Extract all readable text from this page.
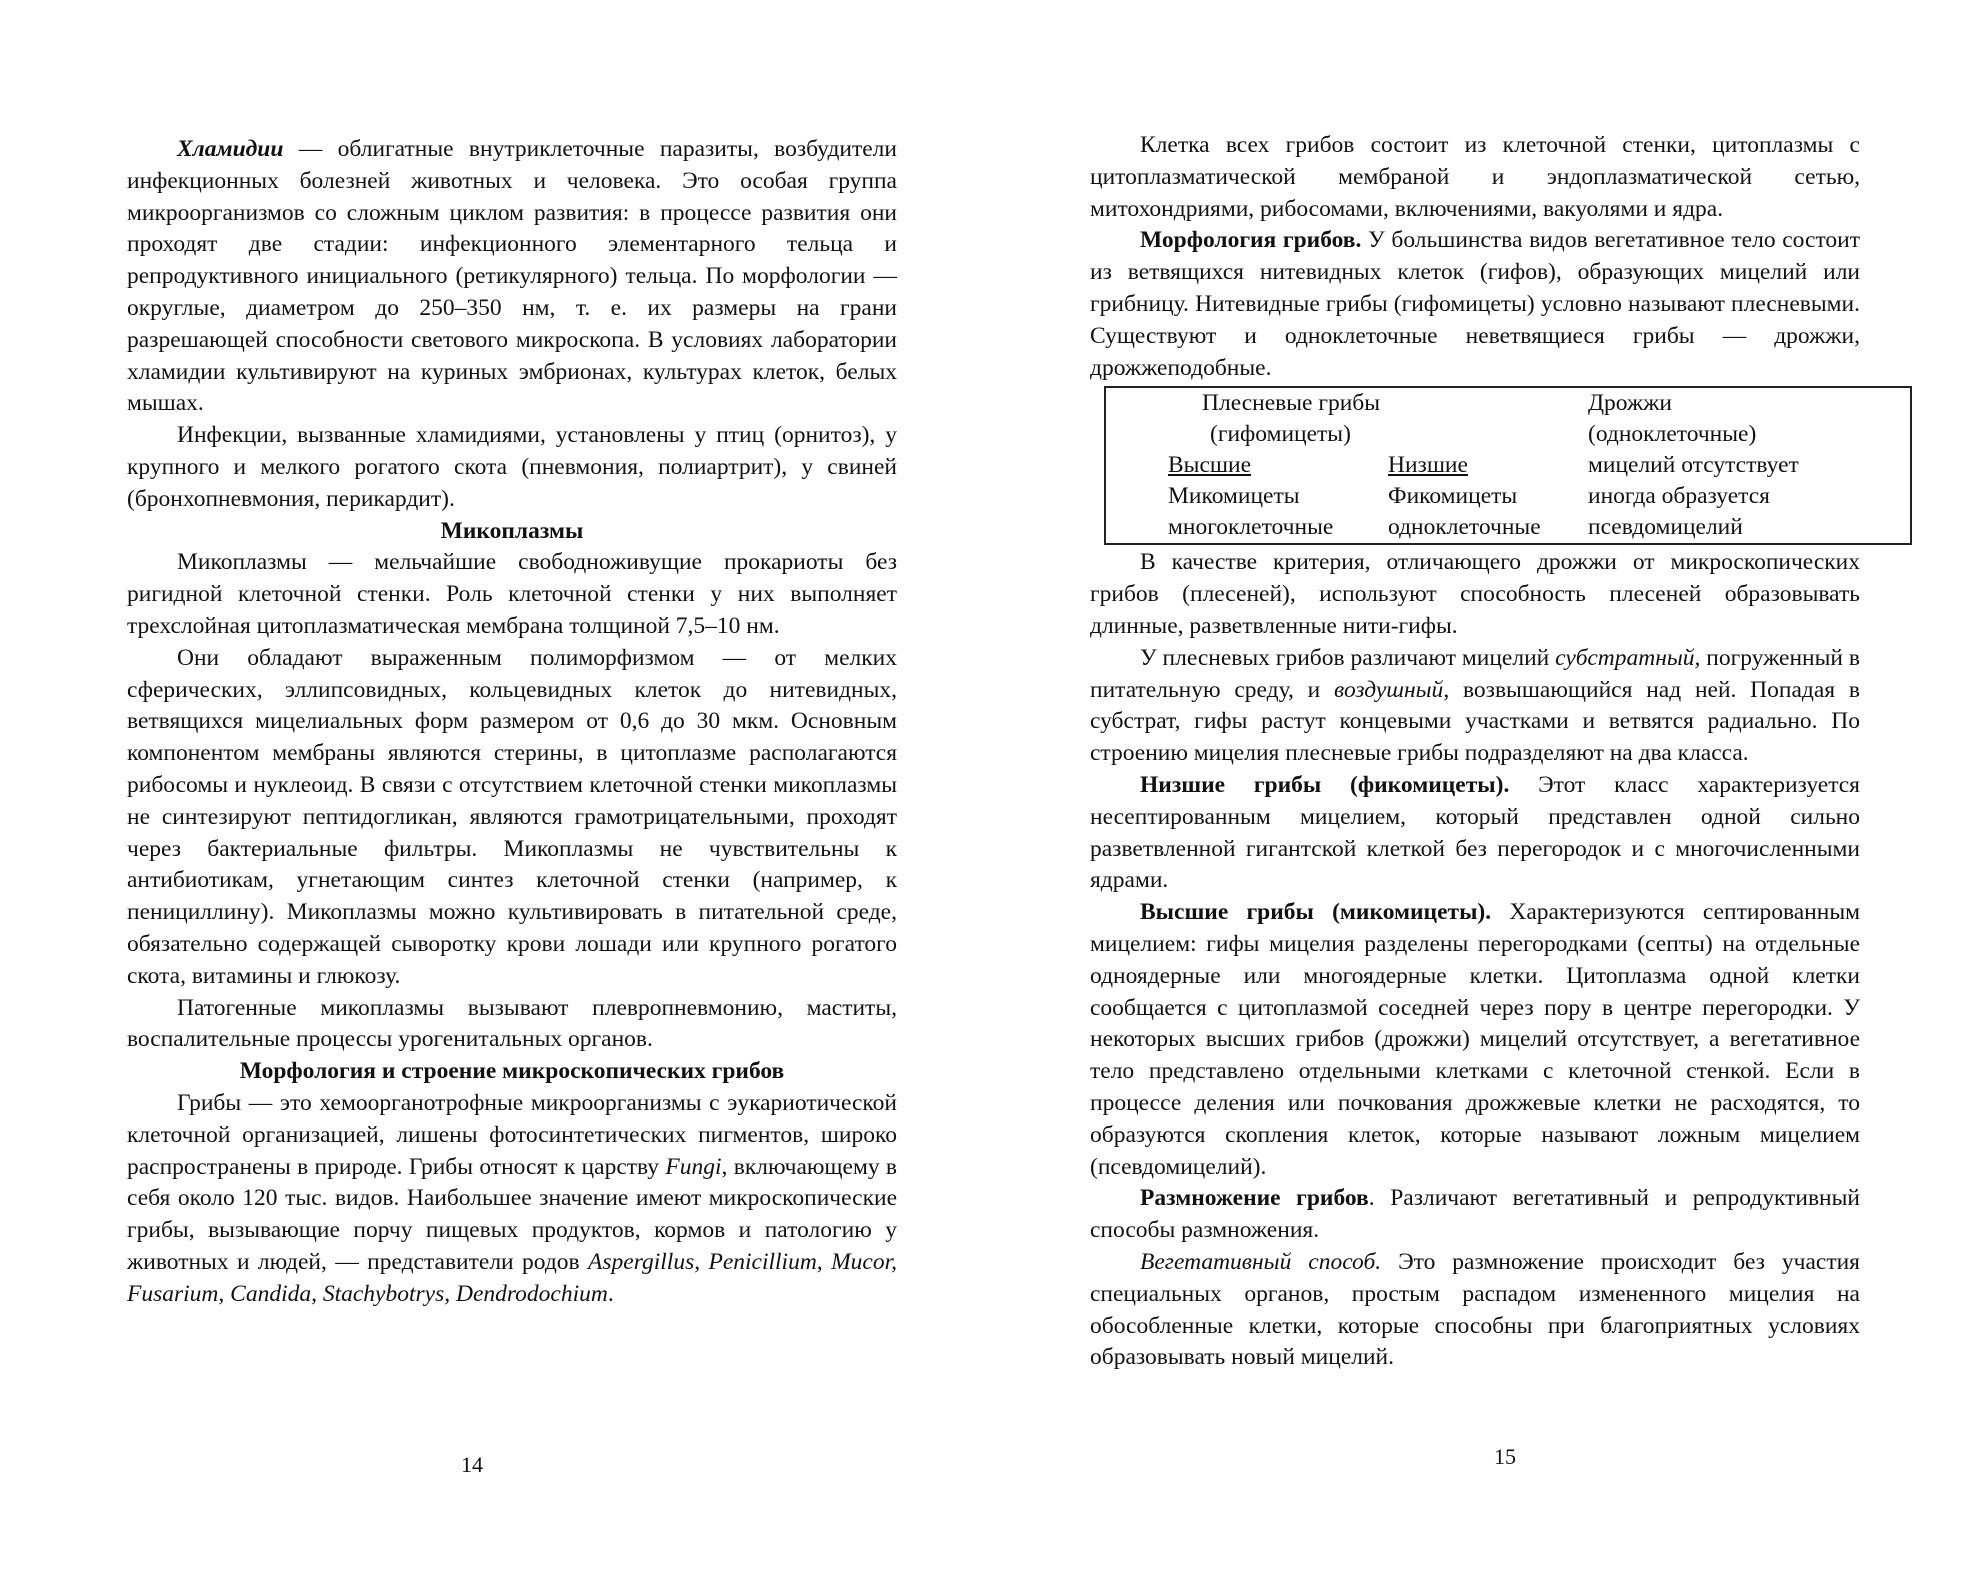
Хламидии — облигатные внутриклеточные паразиты, возбудители инфекционных болезней животных и человека. Это особая группа микроорганизмов со сложным циклом развития: в процессе развития они проходят две стадии: инфекционного элементарного тельца и репродуктивного инициального (ретикулярного) тельца. По морфологии — округлые, диаметром до 250–350 нм, т. е. их размеры на грани разрешающей способности светового микроскопа. В условиях лаборатории хламидии культивируют на куриных эмбрионах, культурах клеток, белых мышах.

Инфекции, вызванные хламидиями, установлены у птиц (орнитоз), у крупного и мелкого рогатого скота (пневмония, полиартрит), у свиней (бронхопневмония, перикардит).

Микоплазмы

Микоплазмы — мельчайшие свободноживущие прокариоты без ригидной клеточной стенки. Роль клеточной стенки у них выполняет трехслойная цитоплазматическая мембрана толщиной 7,5–10 нм.

Они обладают выраженным полиморфизмом — от мелких сферических, эллипсовидных, кольцевидных клеток до нитевидных, ветвящихся мицелиальных форм размером от 0,6 до 30 мкм. Основным компонентом мембраны являются стерины, в цитоплазме располагаются рибосомы и нуклеоид. В связи с отсутствием клеточной стенки микоплазмы не синтезируют пептидогликан, являются грамотрицательными, проходят через бактериальные фильтры. Микоплазмы не чувствительны к антибиотикам, угнетающим синтез клеточной стенки (например, к пенициллину). Микоплазмы можно культивировать в питательной среде, обязательно содержащей сыворотку крови лошади или крупного рогатого скота, витамины и глюкозу.

Патогенные микоплазмы вызывают плевропневмонию, маститы, воспалительные процессы урогенитальных органов.

Морфология и строение микроскопических грибов

Грибы — это хемоорганотрофные микроорганизмы с эукариотической клеточной организацией, лишены фотосинтетических пигментов, широко распространены в природе. Грибы относят к царству Fungi, включающему в себя около 120 тыс. видов. Наибольшее значение имеют микроскопические грибы, вызывающие порчу пищевых продуктов, кормов и патологию у животных и людей, — представители родов Aspergillus, Penicillium, Mucor, Fusarium, Candida, Stachybotrys, Dendrodochium.

14

Клетка всех грибов состоит из клеточной стенки, цитоплазмы с цитоплазматической мембраной и эндоплазматической сетью, митохондриями, рибосомами, включениями, вакуолями и ядра.

Морфология грибов. У большинства видов вегетативное тело состоит из ветвящихся нитевидных клеток (гифов), образующих мицелий или грибницу. Нитевидные грибы (гифомицеты) условно называют плесневыми. Существуют и одноклеточные неветвящиеся грибы — дрожжи, дрожжеподобные.

Плесневые грибы		Дрожжи
(гифомицеты)		(одноклеточные)
Высшие	Низшие	мицелий отсутствует
Микомицеты	Фикомицеты	иногда образуется
многоклеточные	одноклеточные	псевдомицелий

В качестве критерия, отличающего дрожжи от микроскопических грибов (плесеней), используют способность плесеней образовывать длинные, разветвленные нити-гифы.

У плесневых грибов различают мицелий субстратный, погруженный в питательную среду, и воздушный, возвышающийся над ней. Попадая в субстрат, гифы растут концевыми участками и ветвятся радиально. По строению мицелия плесневые грибы подразделяют на два класса.

Низшие грибы (фикомицеты). Этот класс характеризуется несептированным мицелием, который представлен одной сильно разветвленной гигантской клеткой без перегородок и с многочисленными ядрами.

Высшие грибы (микомицеты). Характеризуются септированным мицелием: гифы мицелия разделены перегородками (септы) на отдельные одноядерные или многоядерные клетки. Цитоплазма одной клетки сообщается с цитоплазмой соседней через пору в центре перегородки. У некоторых высших грибов (дрожжи) мицелий отсутствует, а вегетативное тело представлено отдельными клетками с клеточной стенкой. Если в процессе деления или почкования дрожжевые клетки не расходятся, то образуются скопления клеток, которые называют ложным мицелием (псевдомицелий).

Размножение грибов. Различают вегетативный и репродуктивный способы размножения.

Вегетативный способ. Это размножение происходит без участия специальных органов, простым распадом измененного мицелия на обособленные клетки, которые способны при благоприятных условиях образовывать новый мицелий.

15
